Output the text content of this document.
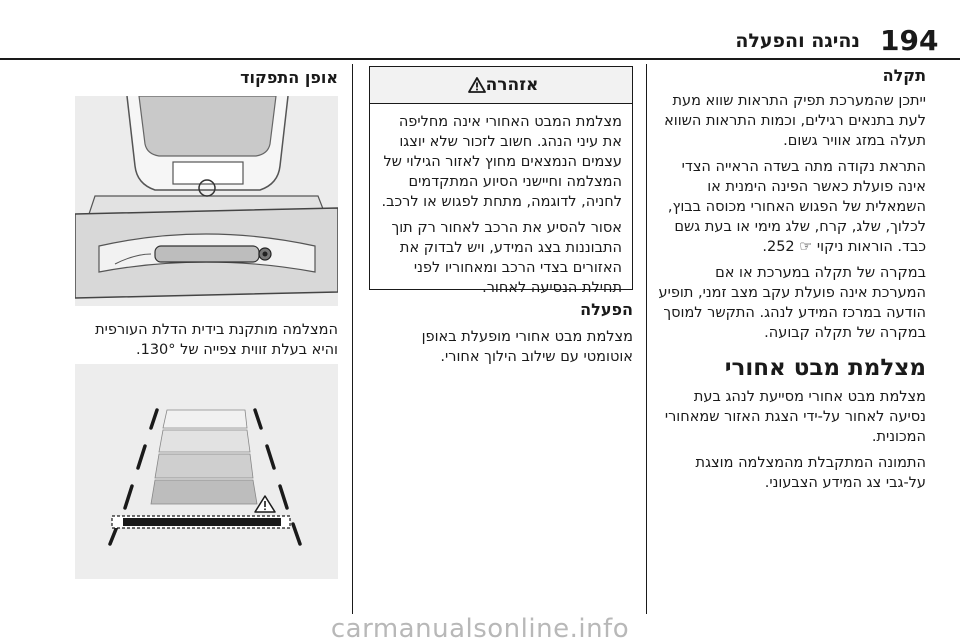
194
נהיגה והפעלה
תקלה
ייתכן שהמערכת תפיק התראות שווא מעת לעת בתנאים רגילים, וכמות התראות השווא תעלה במזג אוויר גשום.
התראת נקודה מתה בשדה הראייה הצדי אינה פועלת כאשר הפינה הימנית או השמאלית של הפגוש האחורי מכוסה בבוץ, לכלוך, שלג, קרח, שלג מימי או בעת גשם כבד. הוראות ניקוי ☞ 252.
במקרה של תקלה במערכת או אם המערכת אינה פועלת עקב מצב זמני, תופיע הודעה במרכז המידע לנהג. התקשר למוסך במקרה של תקלה קבועה.
מצלמת מבט אחורי
מצלמת מבט אחורי מסייעת לנהג בעת נסיעה לאחור על-ידי הצגת האזור שמאחורי המכונית.
התמונה המתקבלת מהמצלמה מוצגת על-גבי צג המידע הצבעוני.
אזהרה
מצלמת המבט האחורי אינה מחליפה את עיני הנהג. חשוב לזכור שלא יוצגו עצמים הנמצאים מחוץ לאזור הגילוי של המצלמה וחיישני הסיוע המתקדמים לחניה, לדוגמה, מתחת לפגוש או לרכב.
אסור להסיע את הרכב לאחור רק תוך התבוננות בצג המידע, ויש לבדוק את האזורים בצדי הרכב ומאחוריו לפני תחילת הנסיעה לאחור.
הפעלה
מצלמת מבט אחורי מופעלת באופן אוטומטי עם שילוב הילוך אחורי.
אופן התפקוד
המצלמה מותקנת בידית הדלת העורפית והיא בעלת זווית צפייה של 130°.
carmanualsonline.info
